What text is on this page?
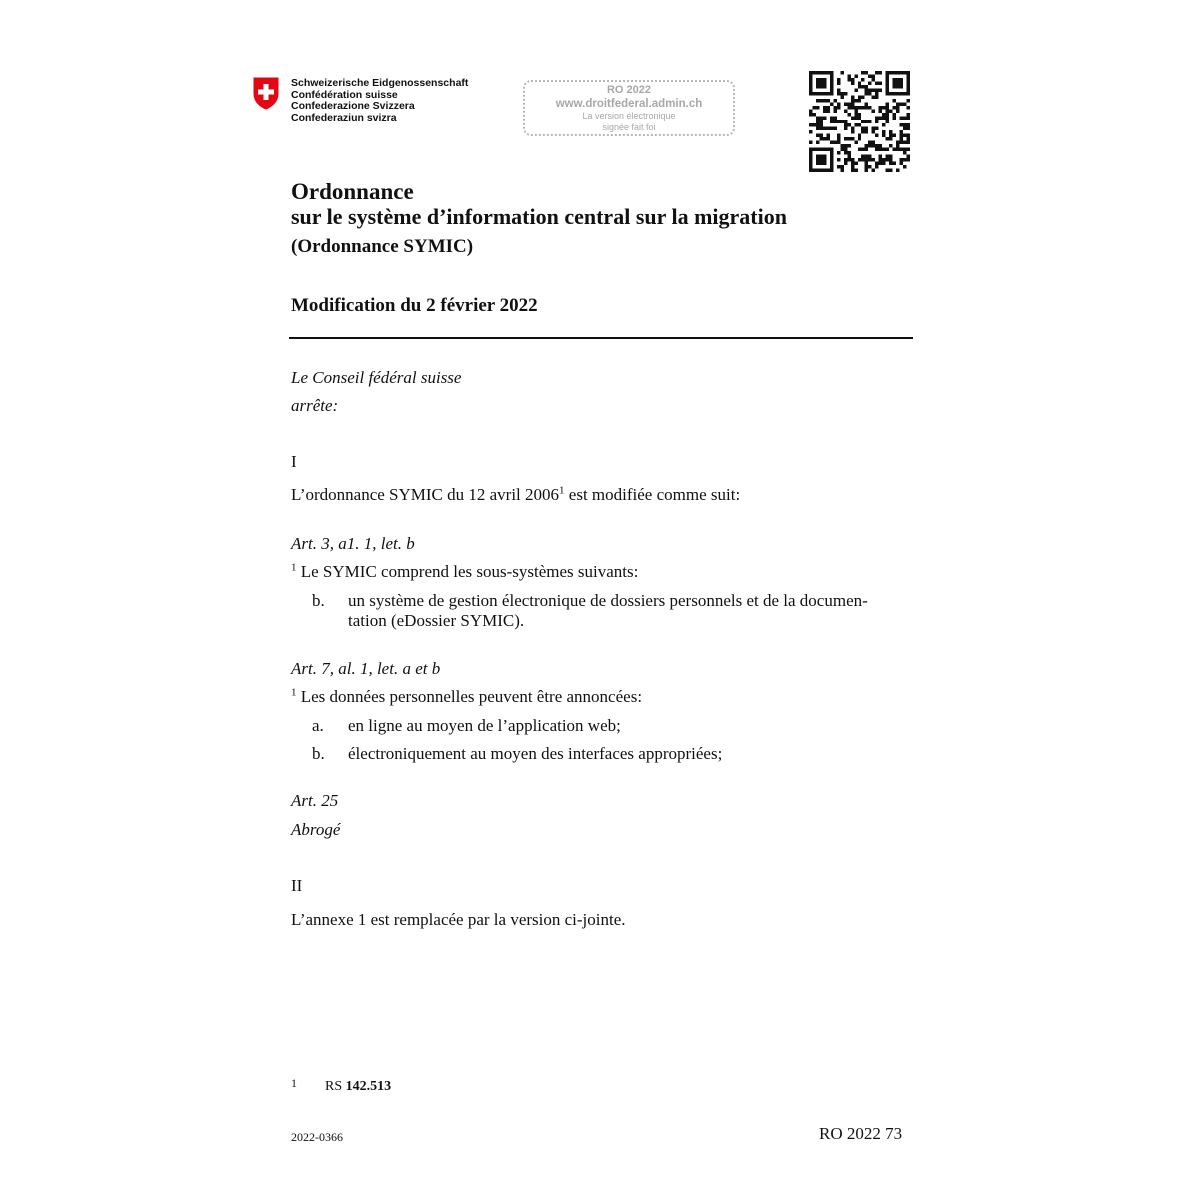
Schweizerische Eidgenossenschaft
Confédération suisse
Confederazione Svizzera
Confederaziun svizra
RO 2022
www.droitfederal.admin.ch
La version électronique
signée fait foi
Ordonnance
sur le système d’information central sur la migration
(Ordonnance SYMIC)
Modification du 2 février 2022
Le Conseil fédéral suisse
arrête:
I
L’ordonnance SYMIC du 12 avril 2006$^1$ est modifiée comme suit:
Art. 3, a1. 1, let. b
$^1$ Le SYMIC comprend les sous-systèmes suivants:
b. un système de gestion électronique de dossiers personnels et de la documen-
tation (eDossier SYMIC).
Art. 7, al. 1, let. a et b
$^1$ Les données personnelles peuvent être annoncées:
a. en ligne au moyen de l’application web;
b. électroniquement au moyen des interfaces appropriées;
Art. 25
Abrogé
II
L’annexe 1 est remplacée par la version ci-jointe.
1 RS 142.513
2022-0366	RO 2022 73
